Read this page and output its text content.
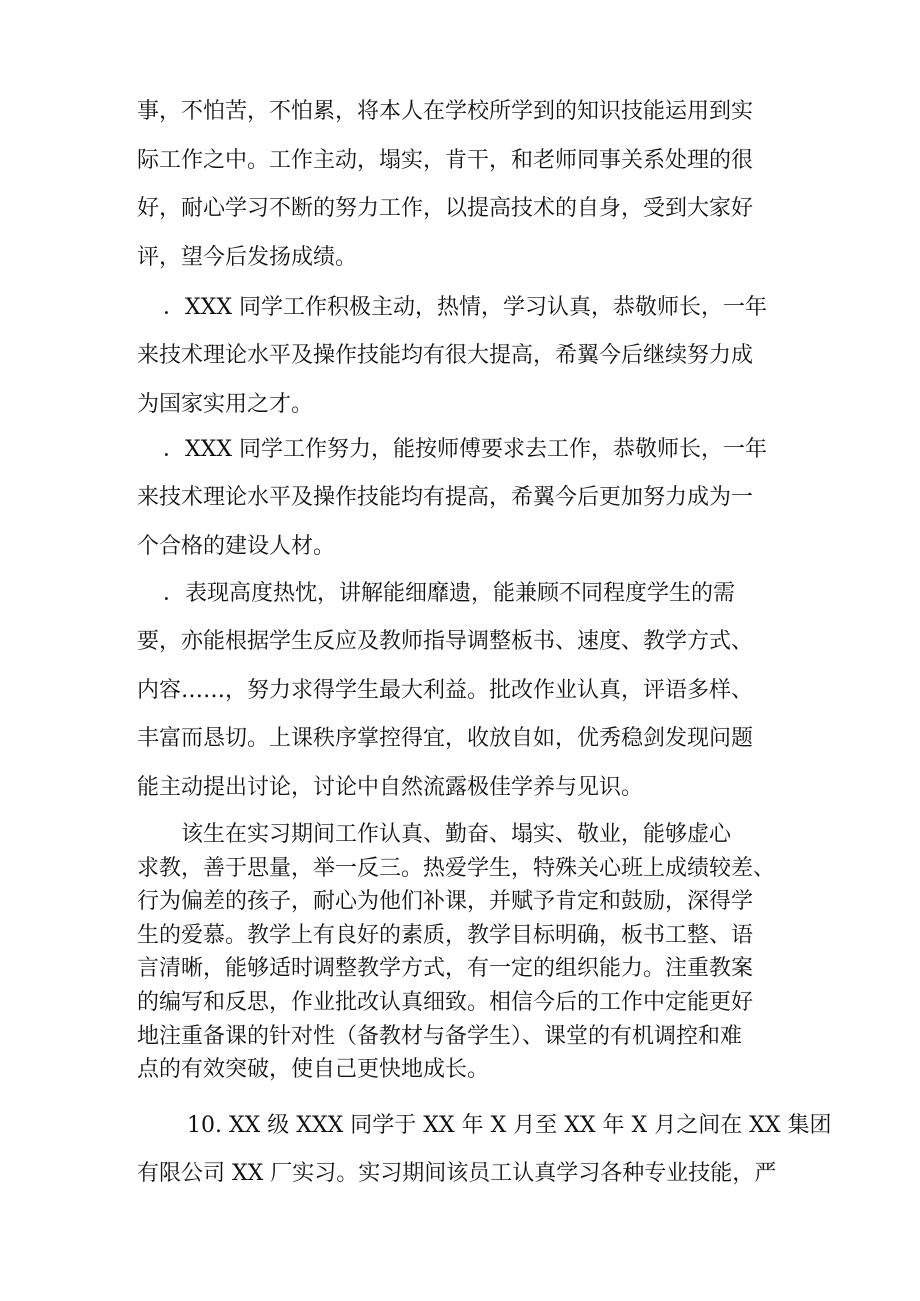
事，不怕苦，不怕累，将本人在学校所学到的知识技能运用到实
际工作之中。工作主动，塌实，肯干，和老师同事关系处理的很
好，耐心学习不断的努力工作，以提高技术的自身，受到大家好
评，望今后发扬成绩。
．XXX 同学工作积极主动，热情，学习认真，恭敬师长，一年
来技术理论水平及操作技能均有很大提高，希翼今后继续努力成
为国家实用之才。
．XXX 同学工作努力，能按师傅要求去工作，恭敬师长，一年
来技术理论水平及操作技能均有提高，希翼今后更加努力成为一
个合格的建设人材。
．表现高度热忱，讲解能细靡遗，能兼顾不同程度学生的需
要，亦能根据学生反应及教师指导调整板书、速度、教学方式、
内容……，努力求得学生最大利益。批改作业认真，评语多样、
丰富而恳切。上课秩序掌控得宜，收放自如，优秀稳剑发现问题
能主动提出讨论，讨论中自然流露极佳学养与见识。
　　该生在实习期间工作认真、勤奋、塌实、敬业，能够虚心
求教，善于思量，举一反三。热爱学生，特殊关心班上成绩较差、
行为偏差的孩子，耐心为他们补课，并赋予肯定和鼓励，深得学
生的爱慕。教学上有良好的素质，教学目标明确，板书工整、语
言清晰，能够适时调整教学方式，有一定的组织能力。注重教案
的编写和反思，作业批改认真细致。相信今后的工作中定能更好
地注重备课的针对性（备教材与备学生）、课堂的有机调控和难
点的有效突破，使自己更快地成长。
10. XX 级 XXX 同学于 XX 年 X 月至 XX 年 X 月之间在 XX 集团
有限公司 XX 厂实习。实习期间该员工认真学习各种专业技能，严
